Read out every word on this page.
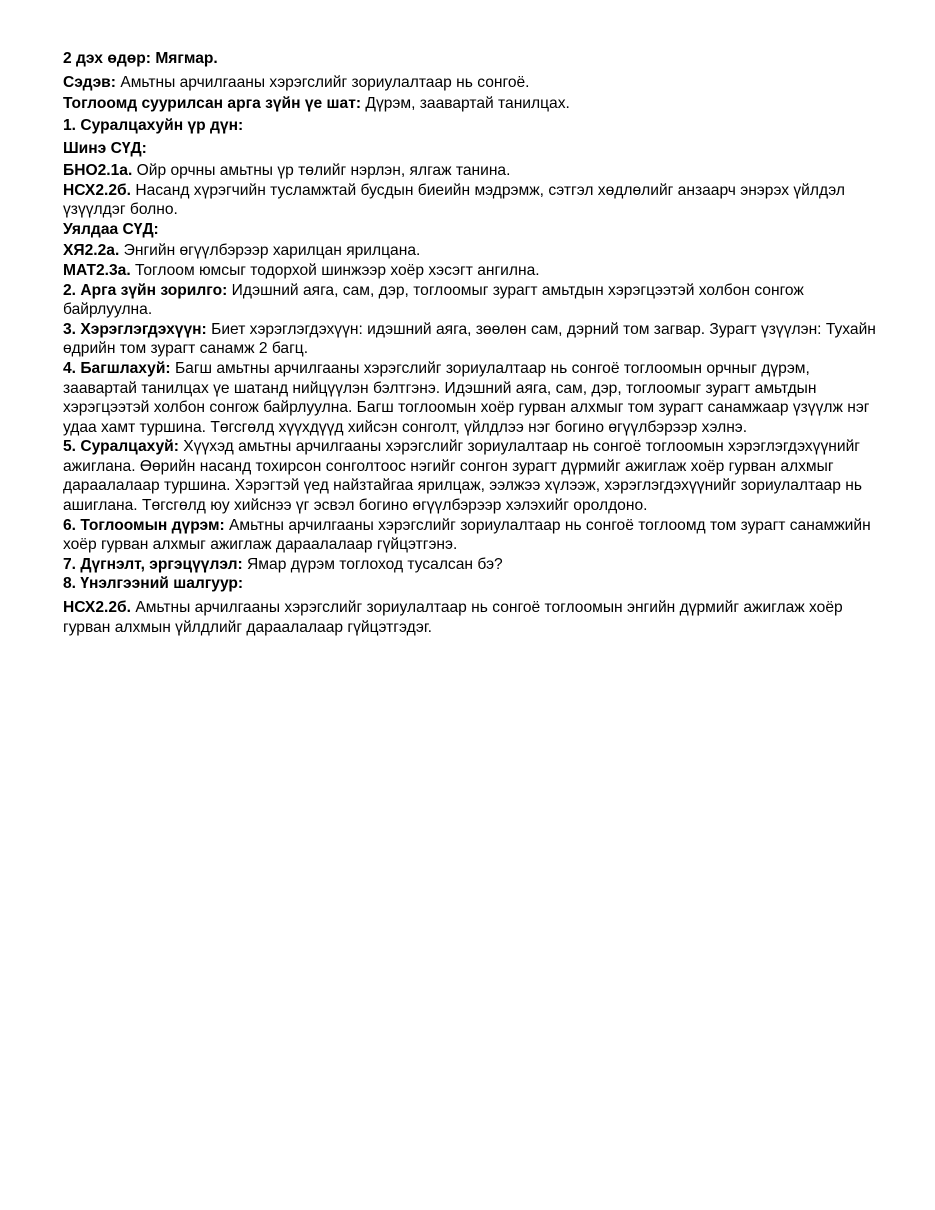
2 дэх өдөр: Мягмар.

Сэдэв: Амьтны арчилгааны хэрэгслийг зориулалтаар нь сонгоё.

Тоглоомд суурилсан арга зүйн үе шат: Дүрэм, заавартай танилцах.

1. Суралцахуйн үр дүн:

Шинэ СҮД:

БНО2.1а. Ойр орчны амьтны үр төлийг нэрлэн, ялгаж танина.

НСХ2.2б. Насанд хүрэгчийн тусламжтай бусдын биеийн мэдрэмж, сэтгэл хөдлөлийг анзаарч энэрэх үйлдэл үзүүлдэг болно.

Уялдаа СҮД:

ХЯ2.2а. Энгийн өгүүлбэрээр харилцан ярилцана.

МАТ2.3а. Тоглоом юмсыг тодорхой шинжээр хоёр хэсэгт ангилна.

2. Арга зүйн зорилго: Идэшний аяга, сам, дэр, тоглоомыг зурагт амьтдын хэрэгцээтэй холбон сонгож байрлуулна.

3. Хэрэглэгдэхүүн: Биет хэрэглэгдэхүүн: идэшний аяга, зөөлөн сам, дэрний том загвар. Зурагт үзүүлэн: Тухайн өдрийн том зурагт санамж 2 багц.

4. Багшлахуй: Багш амьтны арчилгааны хэрэгслийг зориулалтаар нь сонгоё тоглоомын орчныг дүрэм, заавартай танилцах үе шатанд нийцүүлэн бэлтгэнэ. Идэшний аяга, сам, дэр, тоглоомыг зурагт амьтдын хэрэгцээтэй холбон сонгож байрлуулна. Багш тоглоомын хоёр гурван алхмыг том зурагт санамжаар үзүүлж нэг удаа хамт туршина. Төгсгөлд хүүхдүүд хийсэн сонголт, үйлдлээ нэг богино өгүүлбэрээр хэлнэ.

5. Суралцахуй: Хүүхэд амьтны арчилгааны хэрэгслийг зориулалтаар нь сонгоё тоглоомын хэрэглэгдэхүүнийг ажиглана. Өөрийн насанд тохирсон сонголтоос нэгийг сонгон зурагт дүрмийг ажиглаж хоёр гурван алхмыг дараалалаар туршина. Хэрэгтэй үед найзтайгаа ярилцаж, ээлжээ хүлээж, хэрэглэгдэхүүнийг зориулалтаар нь ашиглана. Төгсгөлд юу хийснээ үг эсвэл богино өгүүлбэрээр хэлэхийг оролдоно.

6. Тоглоомын дүрэм: Амьтны арчилгааны хэрэгслийг зориулалтаар нь сонгоё тоглоомд том зурагт санамжийн хоёр гурван алхмыг ажиглаж дараалалаар гүйцэтгэнэ.

7. Дүгнэлт, эргэцүүлэл: Ямар дүрэм тоглоход тусалсан бэ?

8. Үнэлгээний шалгуур:

НСХ2.2б. Амьтны арчилгааны хэрэгслийг зориулалтаар нь сонгоё тоглоомын энгийн дүрмийг ажиглаж хоёр гурван алхмын үйлдлийг дараалалаар гүйцэтгэдэг.
